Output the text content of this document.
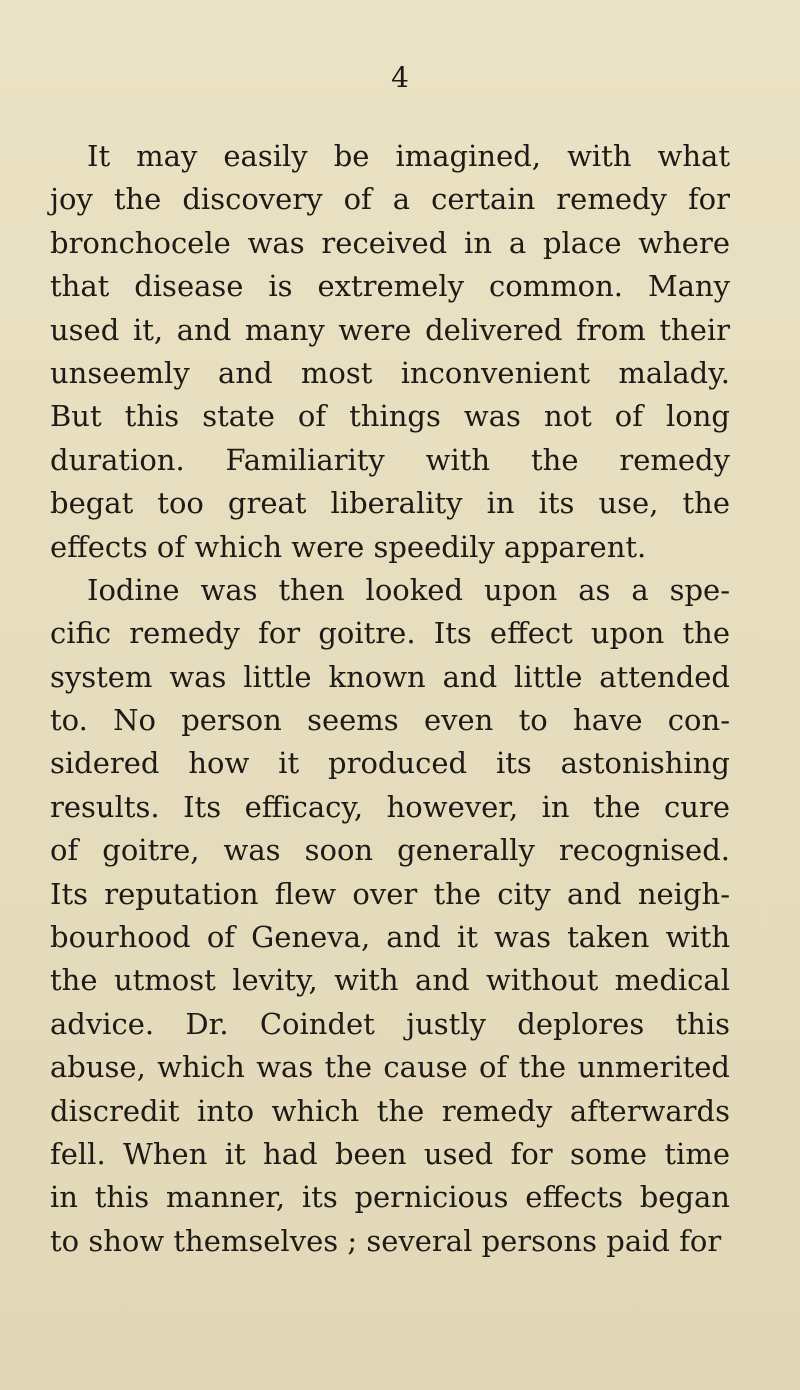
4
It may easily be imagined, with what
joy the discovery of a certain remedy for
bronchocele was received in a place where
that disease is extremely common. Many
used it, and many were delivered from their
unseemly and most inconvenient malady.
But this state of things was not of long
duration. Familiarity with the remedy
begat too great liberality in its use, the
effects of which were speedily apparent.
Iodine was then looked upon as a spe-
cific remedy for goitre. Its effect upon the
system was little known and little attended
to. No person seems even to have con-
sidered how it produced its astonishing
results. Its efficacy, however, in the cure
of goitre, was soon generally recognised.
Its reputation flew over the city and neigh-
bourhood of Geneva, and it was taken with
the utmost levity, with and without medical
advice. Dr. Coindet justly deplores this
abuse, which was the cause of the unmerited
discredit into which the remedy afterwards
fell. When it had been used for some time
in this manner, its pernicious effects began
to show themselves ; several persons paid for
